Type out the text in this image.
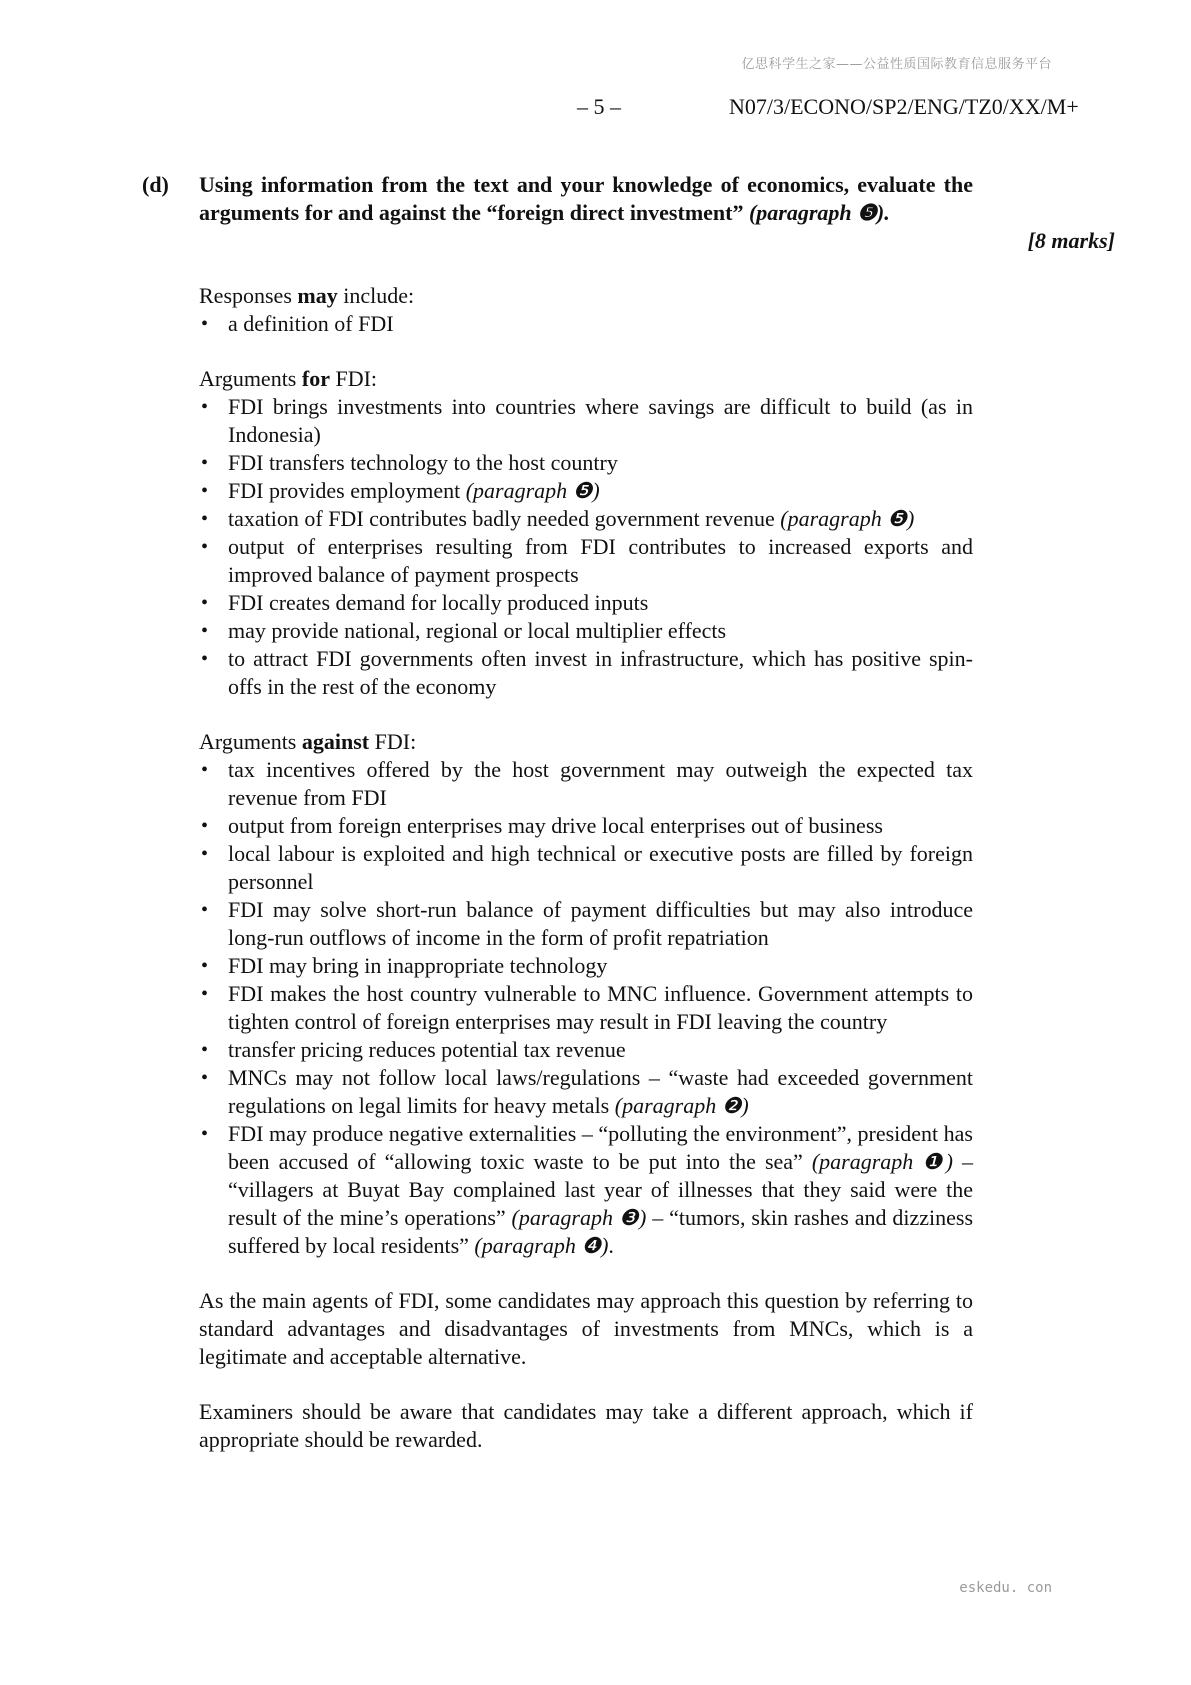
亿思科学生之家——公益性质国际教育信息服务平台
– 5 –	N07/3/ECONO/SP2/ENG/TZ0/XX/M+
(d) Using information from the text and your knowledge of economics, evaluate the arguments for and against the “foreign direct investment” (paragraph ❺).
[8 marks]

Responses may include:

• a definition of FDI

Arguments for FDI:

• FDI brings investments into countries where savings are difficult to build (as in Indonesia)
• FDI transfers technology to the host country
• FDI provides employment (paragraph ❺)
• taxation of FDI contributes badly needed government revenue (paragraph ❺)
• output of enterprises resulting from FDI contributes to increased exports and improved balance of payment prospects
• FDI creates demand for locally produced inputs
• may provide national, regional or local multiplier effects
• to attract FDI governments often invest in infrastructure, which has positive spin-offs in the rest of the economy

Arguments against FDI:

• tax incentives offered by the host government may outweigh the expected tax revenue from FDI
• output from foreign enterprises may drive local enterprises out of business
• local labour is exploited and high technical or executive posts are filled by foreign personnel
• FDI may solve short-run balance of payment difficulties but may also introduce long-run outflows of income in the form of profit repatriation
• FDI may bring in inappropriate technology
• FDI makes the host country vulnerable to MNC influence. Government attempts to tighten control of foreign enterprises may result in FDI leaving the country
• transfer pricing reduces potential tax revenue
• MNCs may not follow local laws/regulations – “waste had exceeded government regulations on legal limits for heavy metals (paragraph ❷)
• FDI may produce negative externalities – “polluting the environment”, president has been accused of “allowing toxic waste to be put into the sea” (paragraph ❶) – “villagers at Buyat Bay complained last year of illnesses that they said were the result of the mine’s operations” (paragraph ❸) – “tumors, skin rashes and dizziness suffered by local residents” (paragraph ❹).

As the main agents of FDI, some candidates may approach this question by referring to standard advantages and disadvantages of investments from MNCs, which is a legitimate and acceptable alternative.

Examiners should be aware that candidates may take a different approach, which if appropriate should be rewarded.

eskedu. con
